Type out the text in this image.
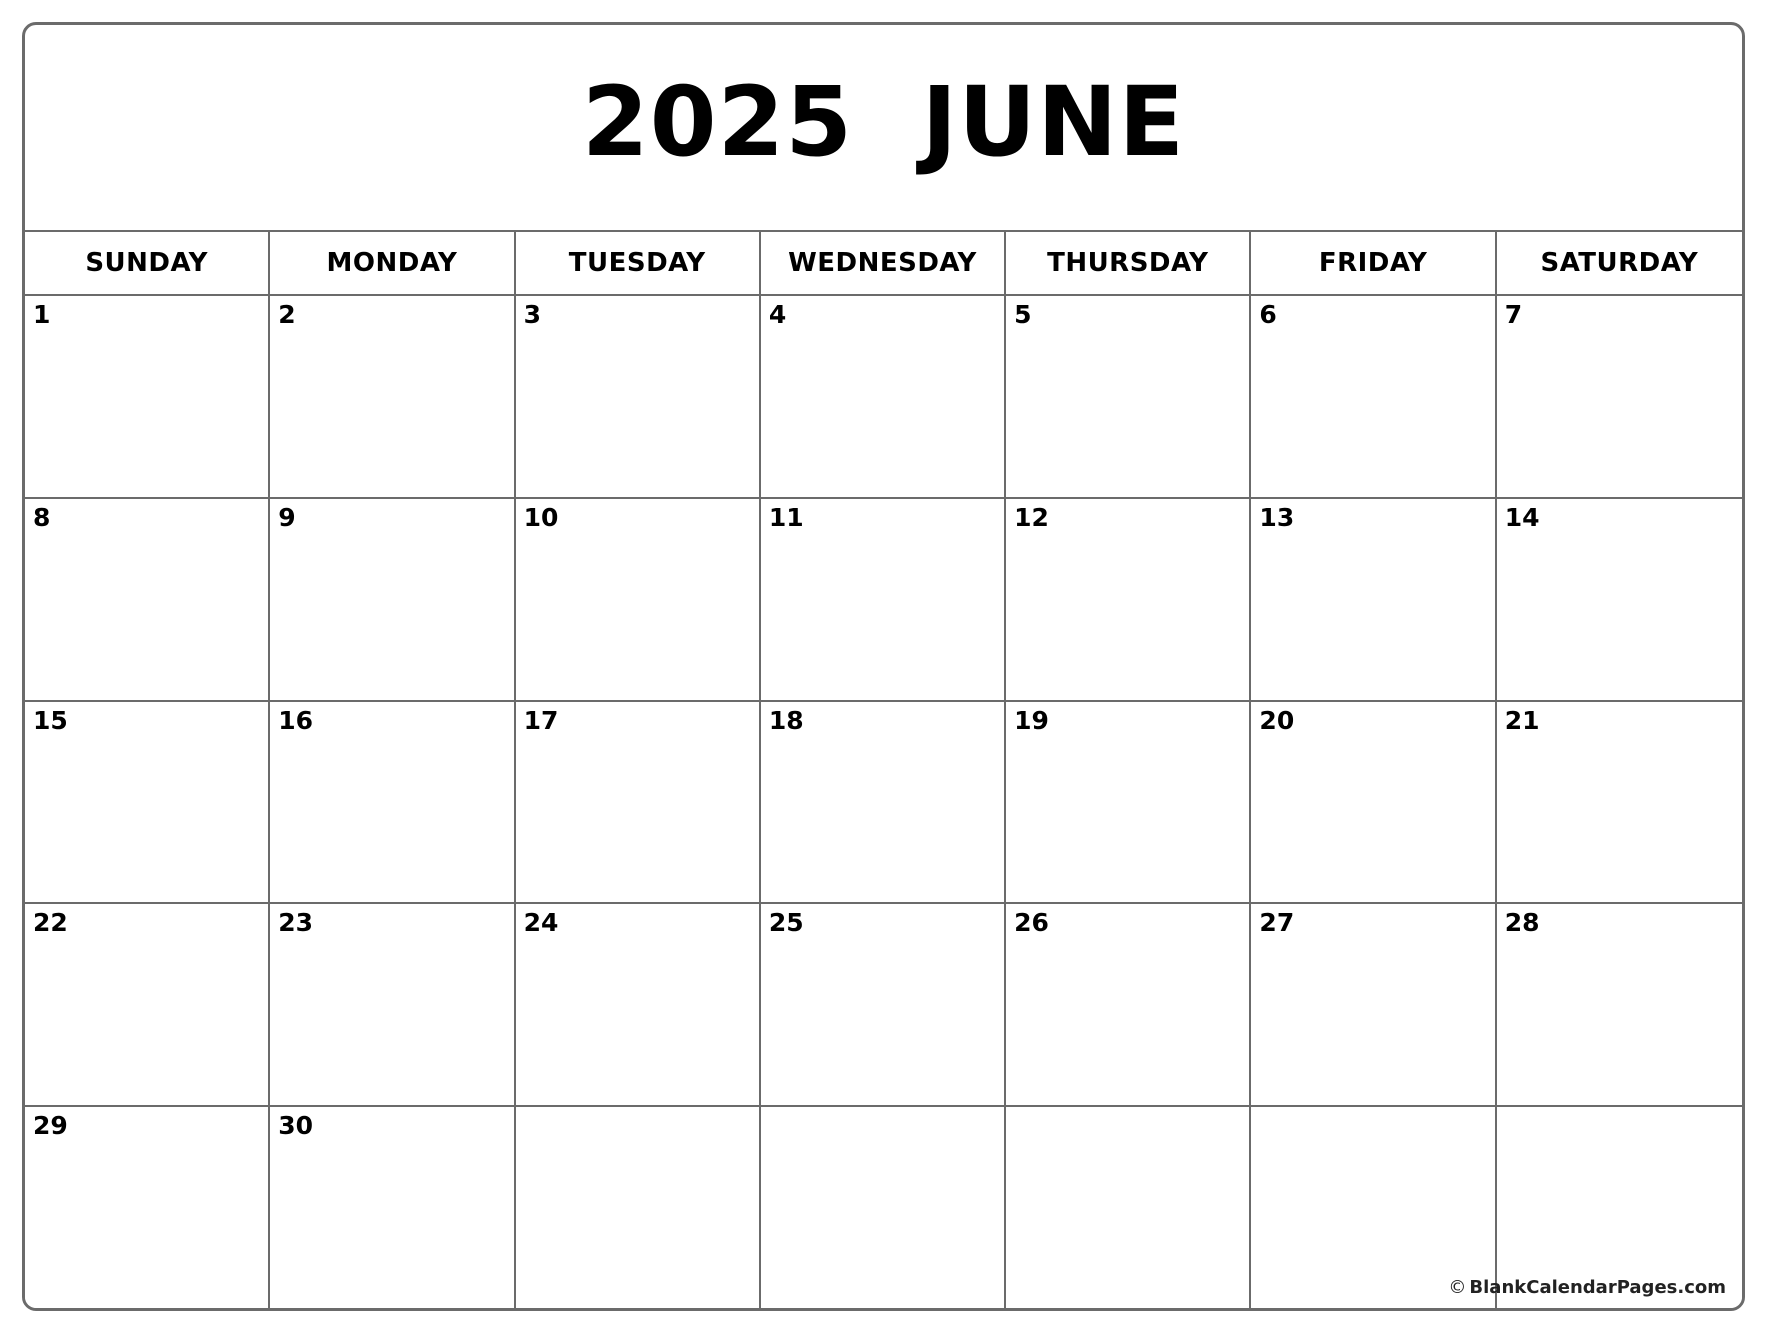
2025 JUNE
SUNDAY	MONDAY	TUESDAY	WEDNESDAY	THURSDAY	FRIDAY	SATURDAY
1	2	3	4	5	6	7
8	9	10	11	12	13	14
15	16	17	18	19	20	21
22	23	24	25	26	27	28
29	30
© BlankCalendarPages.com
